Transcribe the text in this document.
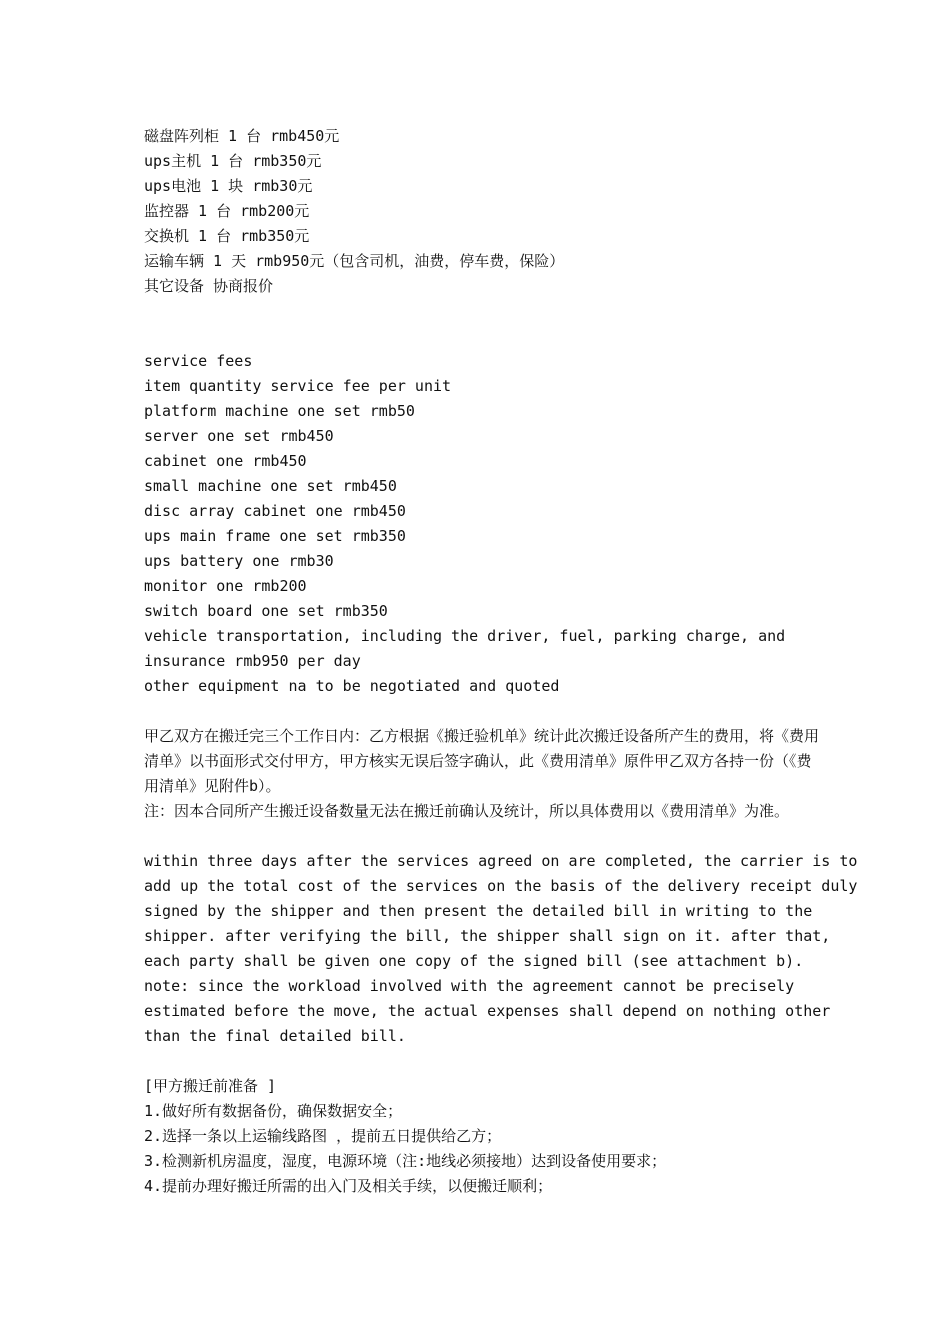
磁盘阵列柜 1 台 rmb450元
ups主机 1 台 rmb350元
ups电池 1 块 rmb30元
监控器 1 台 rmb200元
交换机 1 台 rmb350元
运输车辆 1 天 rmb950元（包含司机，油费，停车费，保险）
其它设备 协商报价
service fees
item quantity service fee per unit
platform machine one set rmb50
server one set rmb450
cabinet one rmb450
small machine one set rmb450
disc array cabinet one rmb450
ups main frame one set rmb350
ups battery one rmb30
monitor one rmb200
switch board one set rmb350
vehicle transportation, including the driver, fuel, parking charge, and
insurance rmb950 per day
other equipment na to be negotiated and quoted
甲乙双方在搬迁完三个工作日内：乙方根据《搬迁验机单》统计此次搬迁设备所产生的费用，将《费用清单》以书面形式交付甲方，甲方核实无误后签字确认，此《费用清单》原件甲乙双方各持一份（《费用清单》见附件b）。
注：因本合同所产生搬迁设备数量无法在搬迁前确认及统计，所以具体费用以《费用清单》为准。
within three days after the services agreed on are completed, the carrier is to
add up the total cost of the services on the basis of the delivery receipt duly
signed by the shipper and then present the detailed bill in writing to the
shipper. after verifying the bill, the shipper shall sign on it. after that,
each party shall be given one copy of the signed bill (see attachment b).
note: since the workload involved with the agreement cannot be precisely
estimated before the move, the actual expenses shall depend on nothing other
than the final detailed bill.
[甲方搬迁前准备 ]
1.做好所有数据备份，确保数据安全；
2.选择一条以上运输线路图 ，提前五日提供给乙方；
3.检测新机房温度，湿度，电源环境（注:地线必须接地）达到设备使用要求；
4.提前办理好搬迁所需的出入门及相关手续，以便搬迁顺利；
